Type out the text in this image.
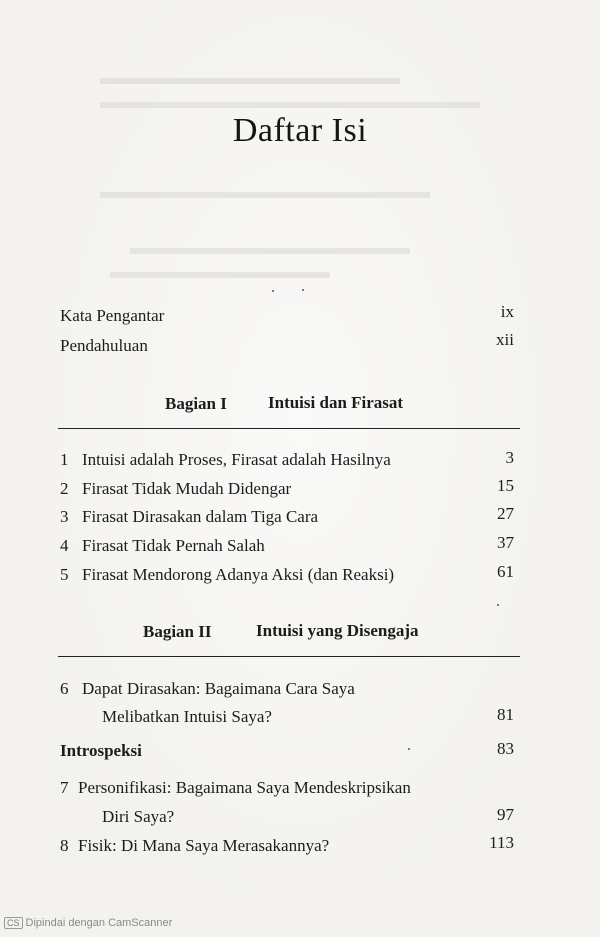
Daftar Isi
Kata Pengantar	ix
Pendahuluan	xii
Bagian I Intuisi dan Firasat
1 Intuisi adalah Proses, Firasat adalah Hasilnya	3
2 Firasat Tidak Mudah Didengar	15
3 Firasat Dirasakan dalam Tiga Cara	27
4 Firasat Tidak Pernah Salah	37
5 Firasat Mendorong Adanya Aksi (dan Reaksi)	61
Bagian II	Intuisi yang Disengaja
6 Dapat Dirasakan: Bagaimana Cara Saya
Melibatkan Intuisi Saya?	81
Introspeksi	83
7 Personifikasi: Bagaimana Saya Mendeskripsikan
Diri Saya?	97
8 Fisik: Di Mana Saya Merasakannya?	113
CS Dipindai dengan CamScanner
